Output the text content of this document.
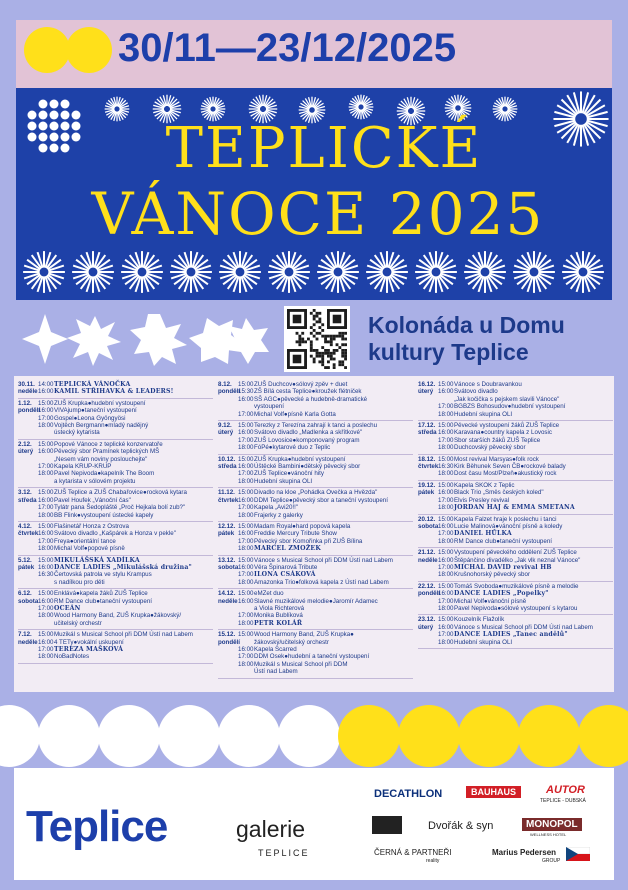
30/11—23/12/2025
TEPLICKÉ
VÁNOCE 2025
Kolonáda u Domu
kultury Teplice
30.11. 14:00 TEPLICKÁ VÁNOČKA
neděle 16:00 KAMIL STŘIHAVKA & LEADERS!
1.12.	15:00 ZUŠ Krupka●hudební vystoupení
pondělí
16:00 VIVAjump●taneční vystoupení
17:00 Gospel●Leona Gyöngyösi
18:00 Vojtěch Bergmann●mladý nadějný
ústecký kytarista
2.12.	15:00 Popové Vánoce z teplické konzervatoře
úterý 16:00 Pěvecký sbor Pramínek teplických MŠ
„Nesem vám noviny poslouchejte"
17:00 Kapela KRUP-KRUP
18:00 Pavel Nepivoda●kapelník The Boom
a kytarista v sólovém projektu
3.12.	15:00 ZUŠ Teplice a ZUŠ Chabařovice●rocková kytara
středa 16:00 Pavel Houfek „Vánoční čas"
17:00 Tylátr pana Šedopláště „Proč Hejkala bolí zub?"
18:00 BB Flink●vystoupení ústecké kapely
4.12.	15:00 Flašinetář Honza z Ostrova
čtvrtek 16:00 Svátovo divadlo „Kašpárek a Honza v pekle"
17:00 Freya●orientální tance
18:00 Michal Volf●popové písně
5.12.	15:00 MIKULÁŠSKÁ XADÍLKA
pátek 16:00 DANCE LADIES „Mikulášská družina"
16:30 Čertovská patrola ve stylu Krampus
s nadílkou pro děti
6.12.	15:00 Enklává●kapela žáků ZUŠ Teplice
sobota 16:00 RM Dance club●taneční vystoupení
17:00 OCEÁN
18:00 Wood Harmony Band, ZUŠ Krupka●žákovský/
učitelský orchestr
7.12.	15:00 Muzikál s Musical School při DDM Ústí nad Labem
neděle 16:00 4 TETy●vokální uskupení
17:00 TEREZA MAŠKOVÁ
18:00 NoBadNotes
8.12.	15:00 ZUŠ Duchcov●sólový zpěv + duet
pondělí
15:30 ZŠ Bílá cesta Teplice●kroužek flétniček
16:00 SŠ AGC●pěvecké a hudebně-dramatické
vystoupení
17:00 Michal Volf●písně Karla Gotta
9.12.	15:00 Terezky z Terezína zahrají k tanci a poslechu
úterý 16:00 Svátovo divadlo „Madlenka a skřítkové"
17:00 ZUŠ Lovosice●komponovaný program
18:00 FóPé●kytarové duo z Teplic
10.12. 15:00 ZUŠ Krupka●hudební vystoupení
středa 16:00 Úštěcké Bambini●dětský pěvecký sbor
17:00 ZUŠ Teplice●vánoční hity
18:00 Hudební skupina OLI
11.12. 15:00 Divadlo na kloe „Pohádka Ovečka a Hvězda"
čtvrtek 16:00 DDM Teplice●pěvecký sbor a taneční vystoupení
17:00 Kapela „Avi20!!"
18:00 Frajerky z galerky
12.12. 15:00 Madam Royal●hard popová kapela
pátek 16:00 Freddie Mercury Tribute Show
17:00 Pěvecký sbor Komořinka při ZUŠ Bílina
18:00 MARCEL ZMOŽEK
13.12. 15:00 Vánoce s Musical School při DDM Ústí nad Labem
sobota 16:00 Věra Špinarová Tribute
17:00 ILONA CSÁKOVÁ
18:00 Amazonka Trio●folková kapela z Ústí nad Labem
14.12. 15:00 eMZet duo
neděle 16:00 Slavné muzikálové melodie●Jaromír Adamec
a Viola Richterová
17:00 Monika Bublíková
18:00 PETR KOLÁŘ
15.12. 15:00 Wood Harmony Band, ZUŠ Krupka●
pondělí žákovský/učitelský orchestr
16:00 Kapela Scarred
17:00 DDM Osek●hudební a taneční vystoupení
18:00 Muzikál s Musical School při DDM
Ústí nad Labem
16.12. 15:00 Vánoce s Doubravankou
úterý 16:00 Svátovo divadlo
„Jak kočička s pejskem slavili Vánoce"
17:00 BGBZS Bohosudov●hudební vystoupení
18:00 Hudební skupina OLI
17.12. 15:00 Pěvecké vystoupení žáků ZUŠ Teplice
středa 16:00 Karavana●country kapela z Lovosic
17:00 Sbor starších žáků ZUŠ Teplice
18:00 Duchcovský pěvecký sbor
18.12. 15:00 Most revival Marsyas●folk rock
čtvrtek 16:30 Kirk Běhunek Seven ČB●rockové balady
18:00 Dost času Most/Plzeň●akustický rock
19.12. 15:00 Kapela SKOK z Teplic
pátek 16:00 Black Trio „Směs českých koled"
17:00 Elvis Presley revival
18:00 JORDAN HAJ & EMMA SMETANA
20.12. 15:00 Kapela Falzet hraje k poslechu i tanci
sobota 16:00 Lucie Malinová●vánoční písně a koledy
17:00 DANIEL HŮLKA
18:00 RM Dance club●taneční vystoupení
21.12. 15:00 Vystoupení pěveckého oddělení ZUŠ Teplice
neděle 16:00 Štěpánčino divadélko „Jak vlk neznal Vánoce"
17:00 MICHAL DAVID revival HB
18:00 Krušnohorský pěvecký sbor
22.12. 15:00 Tomáš Svoboda●muzikálové písně a melodie
pondělí
16:00 DANCE LADIES „Popelky"
17:00 Michal Volf●vánoční písně
18:00 Pavel Nepivoda●sólové vystoupení s kytarou
23.12. 15:00 Kouzelník Flažolík
úterý 16:00 Vánoce s Musical School při DDM Ústí nad Labem
17:00 DANCE LADIES „Tanec andělů"
18:00 Hudební skupina OLI
Teplice	galerie
TEPLICE
DECATHLON	BAUHAUS	AUTOR
TEPLICE - DUBSKÁ
Dvořák & syn	MONOPOL
WELLNESS HOTEL
ČERNÁ & PARTNEŘI
reality
Marius Pedersen
GROUP
